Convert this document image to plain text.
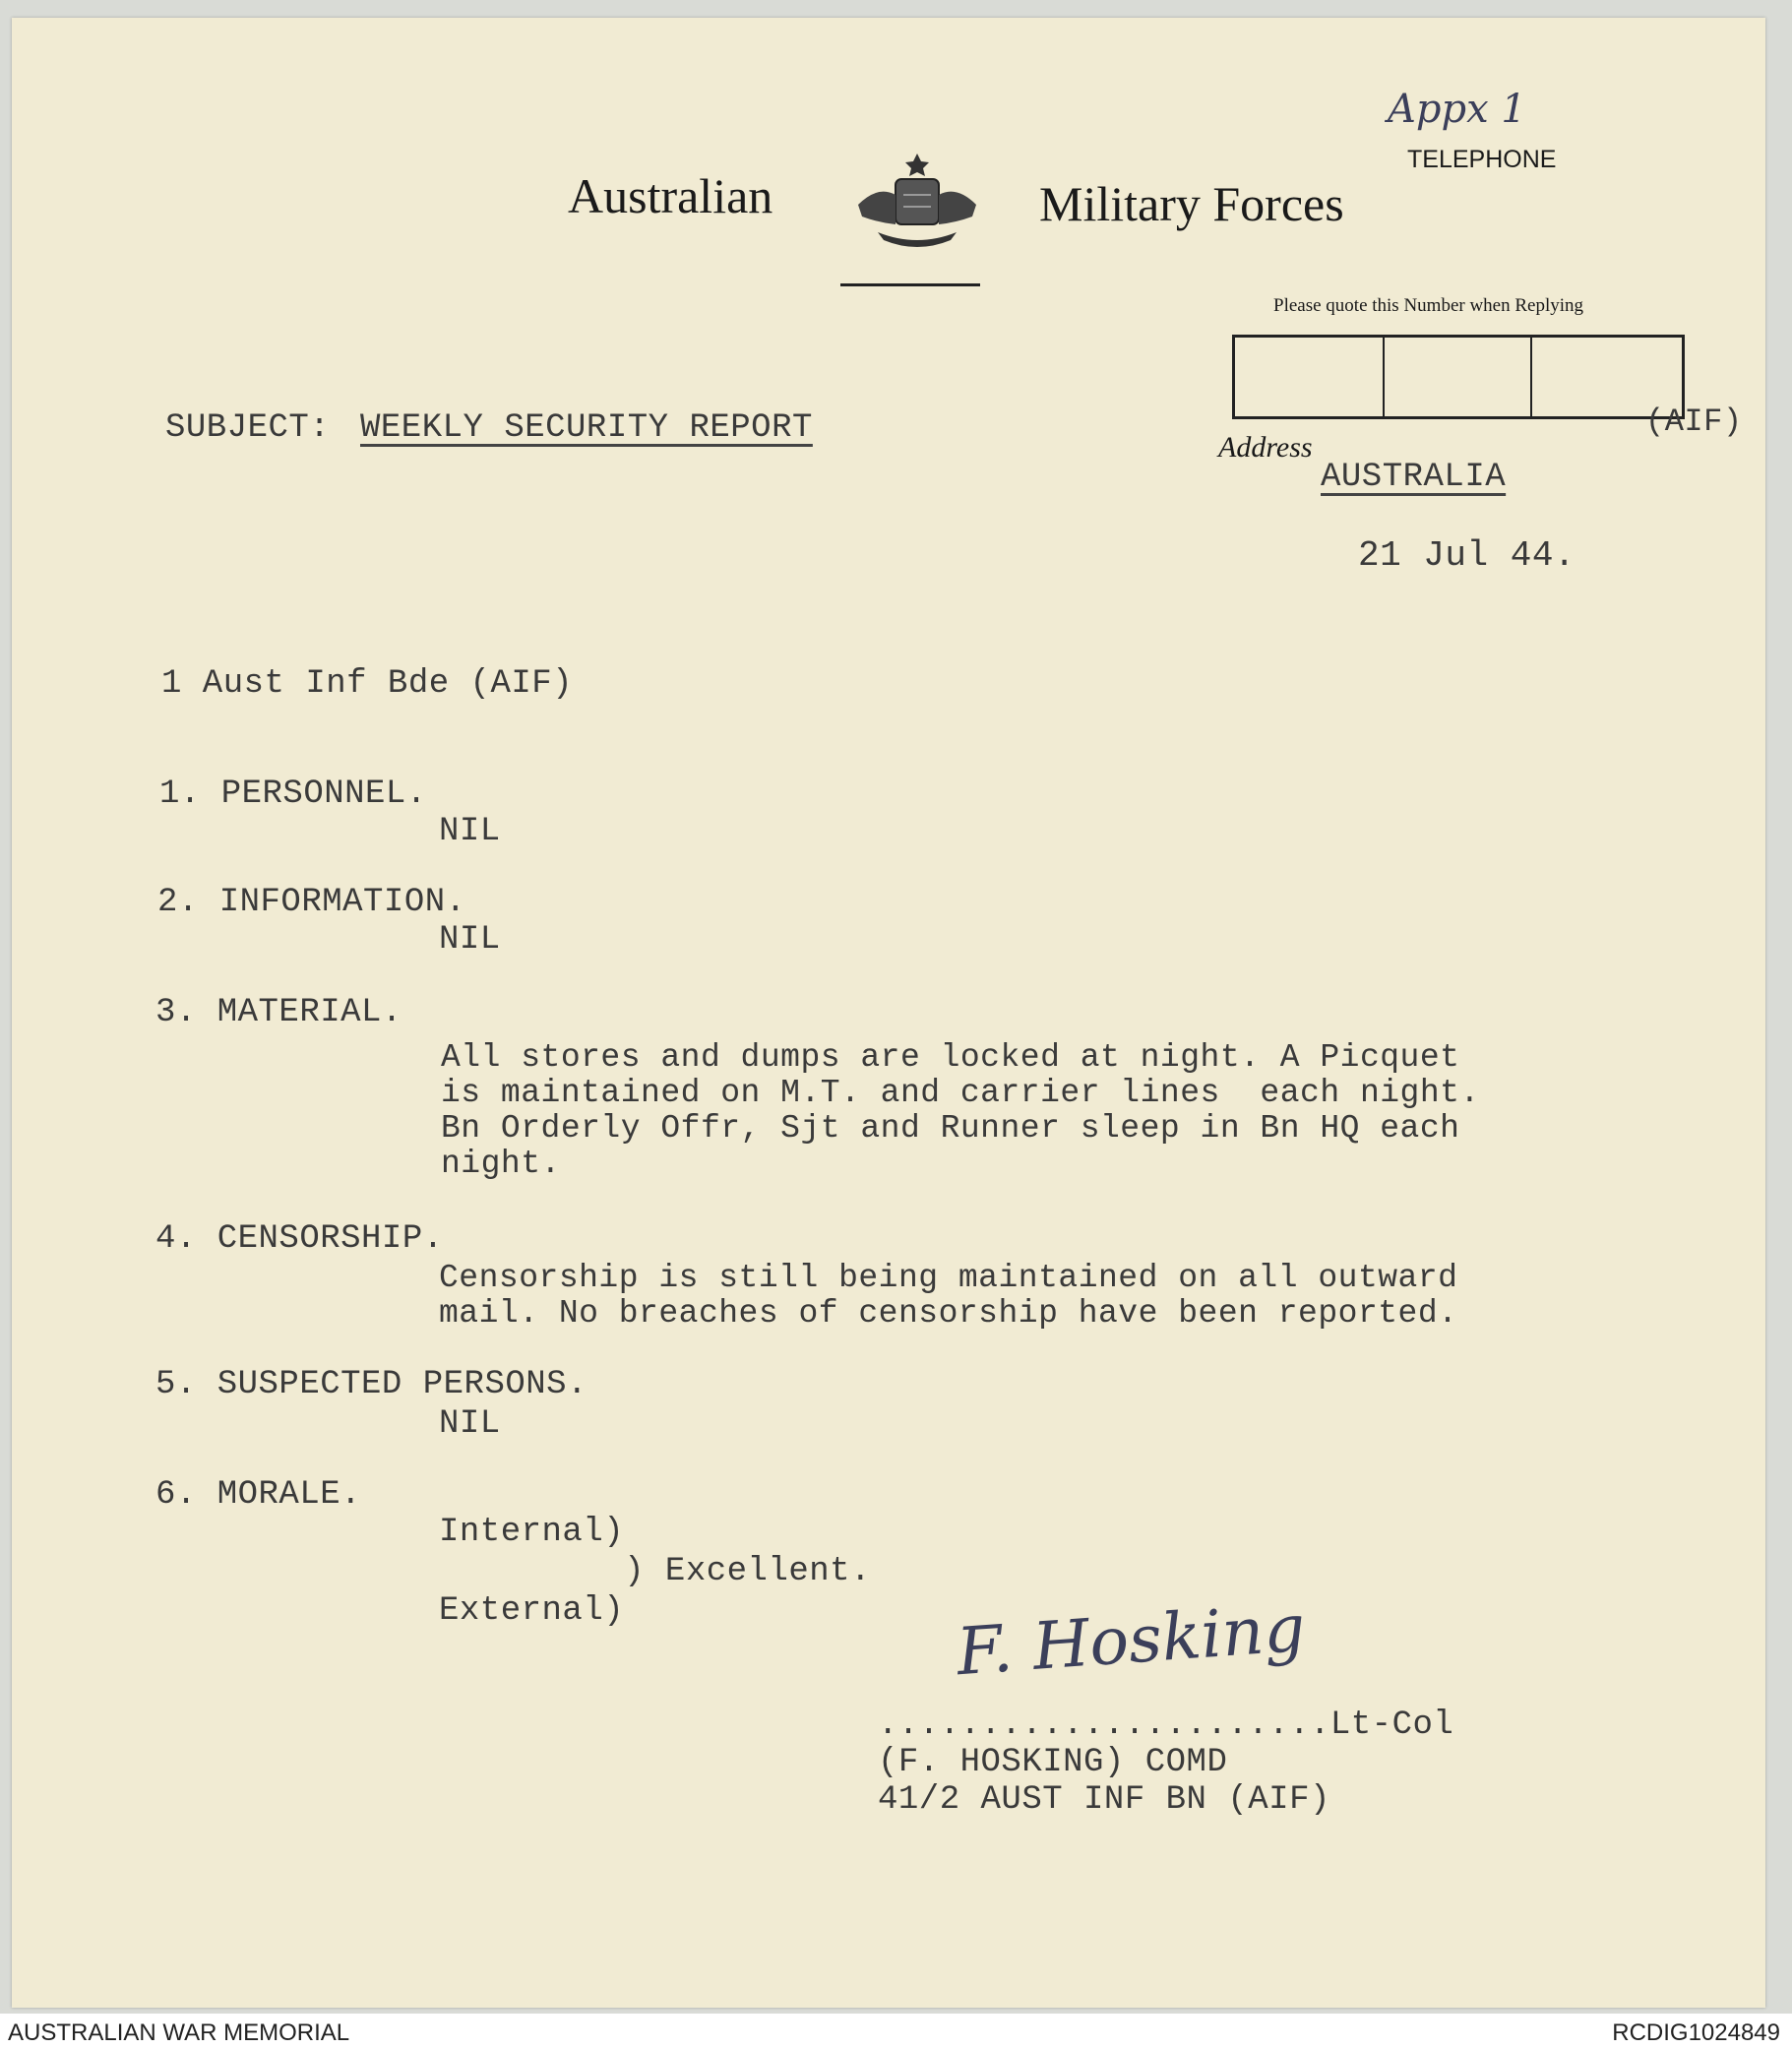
Australian	Military Forces
Appx 1
TELEPHONE
Please quote this Number when Replying
(AIF)
Address
AUSTRALIA
21 Jul 44.
SUBJECT: WEEKLY SECURITY REPORT
1 Aust Inf Bde (AIF)
1. PERSONNEL.
NIL
2. INFORMATION.
NIL
3. MATERIAL.
All stores and dumps are locked at night. A Picquet
is maintained on M.T. and carrier lines  each night.
Bn Orderly Offr, Sjt and Runner sleep in Bn HQ each
night.
4. CENSORSHIP.
Censorship is still being maintained on all outward
mail. No breaches of censorship have been reported.
5. SUSPECTED PERSONS.
NIL
6. MORALE.
Internal)
) Excellent.
External)	F. Hosking
......................Lt-Col
(F. HOSKING) COMD
41/2 AUST INF BN (AIF)
AUSTRALIAN WAR MEMORIAL	RCDIG1024849
